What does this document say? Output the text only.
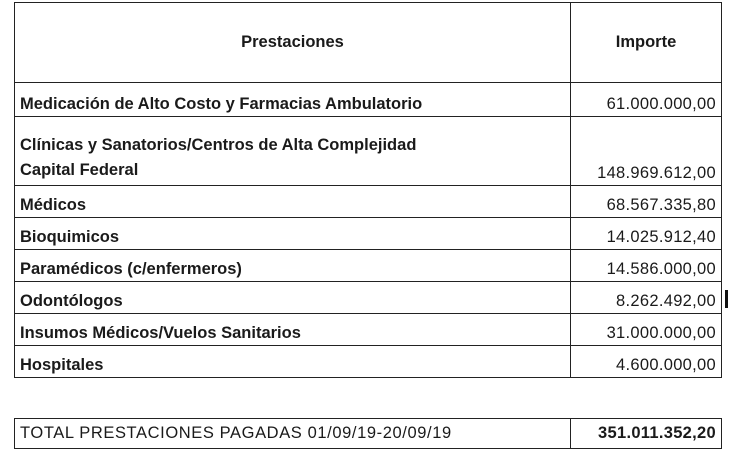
Prestaciones	Importe
Medicación de Alto Costo y Farmacias Ambulatorio	61.000.000,00
Clínicas y Sanatorios/Centros de Alta Complejidad
Capital Federal	148.969.612,00
Médicos	68.567.335,80
Bioquimicos	14.025.912,40
Paramédicos (c/enfermeros)	14.586.000,00
Odontólogos	8.262.492,00
Insumos Médicos/Vuelos Sanitarios	31.000.000,00
Hospitales	4.600.000,00
TOTAL PRESTACIONES PAGADAS 01/09/19-20/09/19	351.011.352,20
